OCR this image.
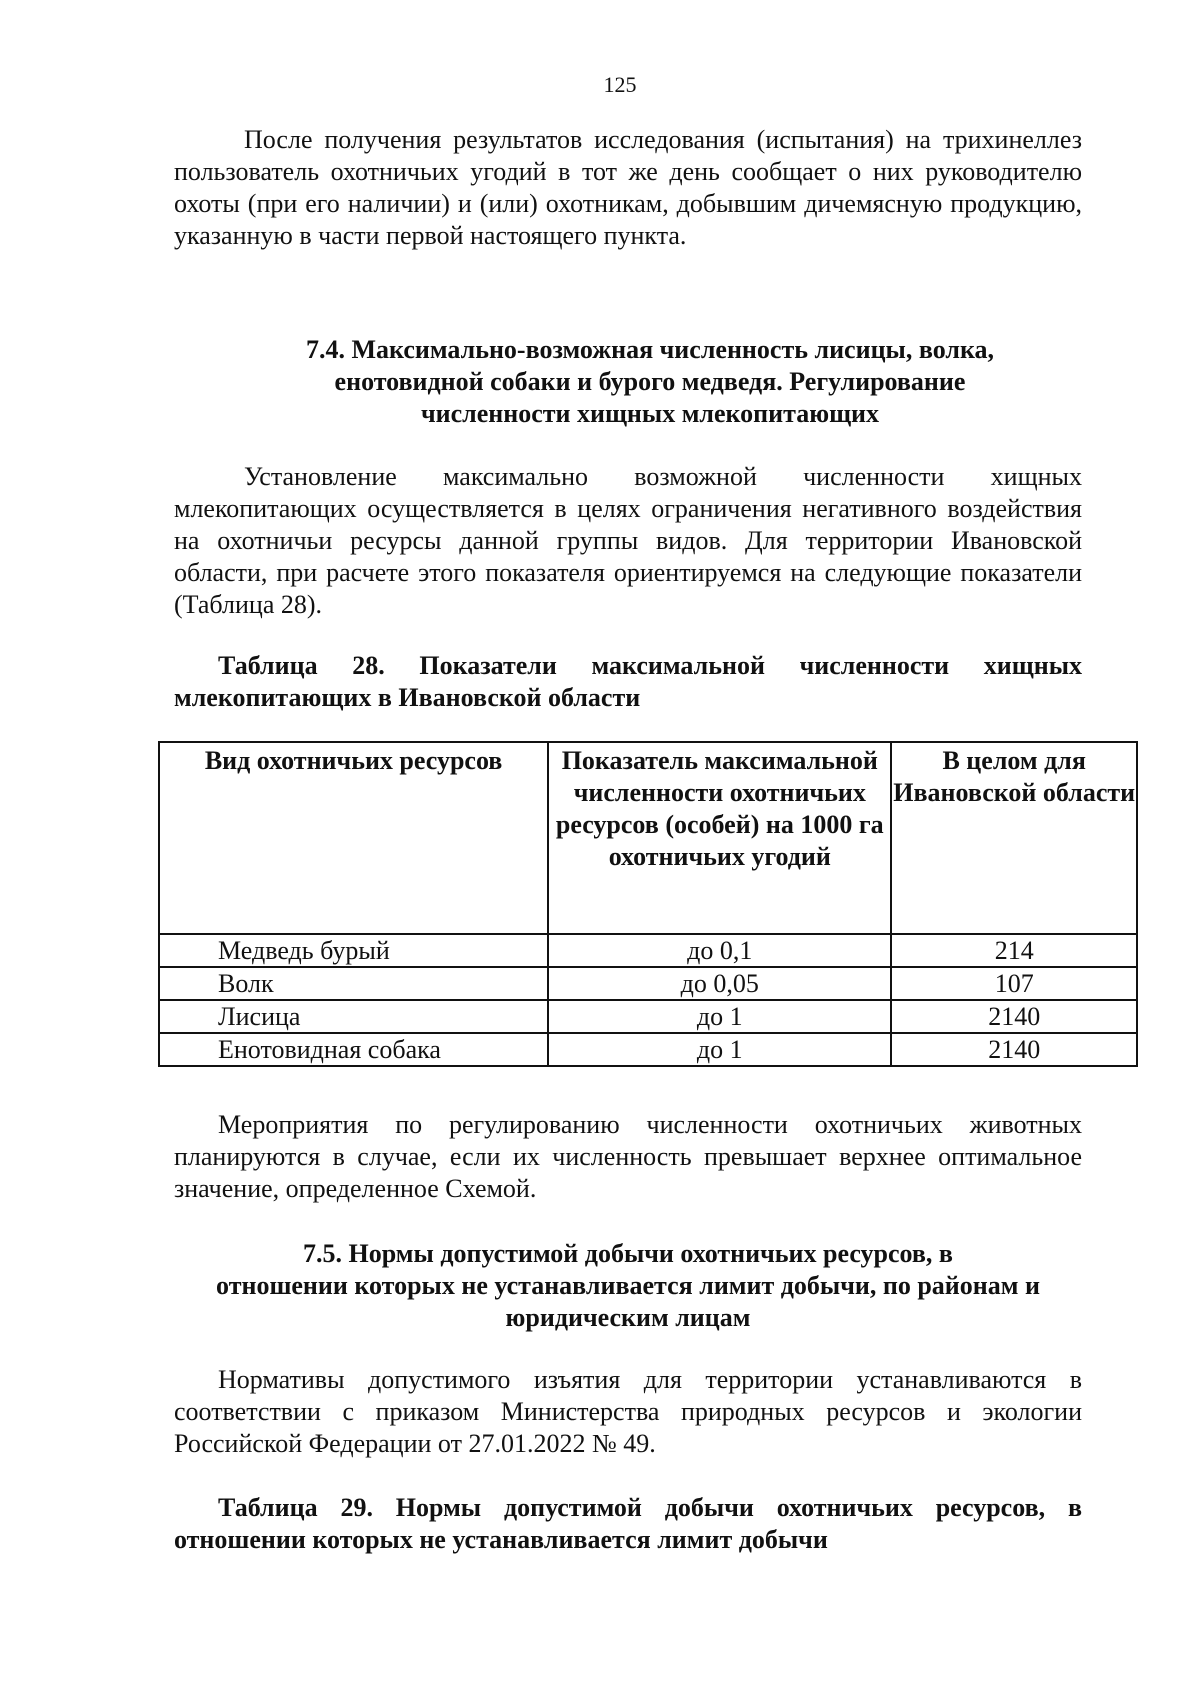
125

После получения результатов исследования (испытания) на трихинеллез пользователь охотничьих угодий в тот же день сообщает о них руководителю охоты (при его наличии) и (или) охотникам, добывшим дичемясную продукцию, указанную в части первой настоящего пункта.

7.4. Максимально-возможная численность лисицы, волка,
енотовидной собаки и бурого медведя. Регулирование
численности хищных млекопитающих

Установление максимально возможной численности хищных млекопитающих осуществляется в целях ограничения негативного воздействия на охотничьи ресурсы данной группы видов. Для территории Ивановской области, при расчете этого показателя ориентируемся на следующие показатели (Таблица 28).

Таблица 28. Показатели максимальной численности хищных млекопитающих в Ивановской области

Вид охотничьих ресурсов	Показатель максимальной численности охотничьих ресурсов (особей) на 1000 га охотничьих угодий	В целом для Ивановской области
Медведь бурый	до 0,1	214
Волк	до 0,05	107
Лисица	до 1	2140
Енотовидная собака	до 1	2140

Мероприятия по регулированию численности охотничьих животных планируются в случае, если их численность превышает верхнее оптимальное значение, определенное Схемой.

7.5. Нормы допустимой добычи охотничьих ресурсов, в
отношении которых не устанавливается лимит добычи, по районам и
юридическим лицам

Нормативы допустимого изъятия для территории устанавливаются в соответствии с приказом Министерства природных ресурсов и экологии Российской Федерации от 27.01.2022 № 49.

Таблица 29. Нормы допустимой добычи охотничьих ресурсов, в отношении которых не устанавливается лимит добычи
